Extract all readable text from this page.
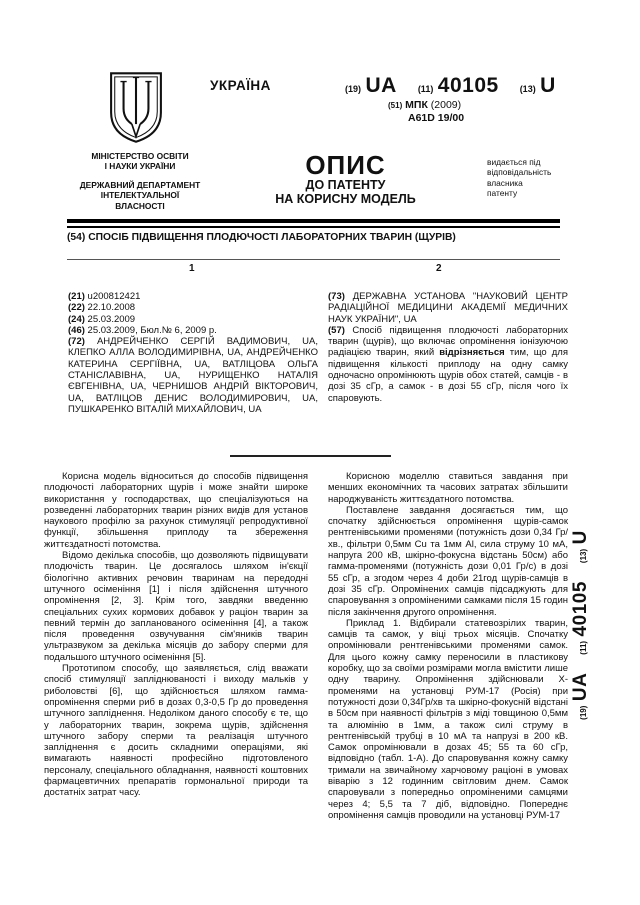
УКРАЇНА
МІНІСТЕРСТВО ОСВІТИ
І НАУКИ УКРАЇНИ
ДЕРЖАВНИЙ ДЕПАРТАМЕНТ
ІНТЕЛЕКТУАЛЬНОЇ
ВЛАСНОСТІ
(19) UA (11) 40105 (13) U
(51) МПК (2009)
A61D 19/00
ОПИС
ДО ПАТЕНТУ
НА КОРИСНУ МОДЕЛЬ
видається під
відповідальність
власника
патенту
(54) СПОСІБ ПІДВИЩЕННЯ ПЛОДЮЧОСТІ ЛАБОРАТОРНИХ ТВАРИН (ЩУРІВ)
1	2
(21) u200812421
(22) 22.10.2008
(24) 25.03.2009
(46) 25.03.2009, Бюл.№ 6, 2009 р.

(72) АНДРЕЙЧЕНКО СЕРГІЙ ВАДИМОВИЧ, UA, КЛЕПКО АЛЛА ВОЛОДИМИРІВНА, UA, АНДРЕЙЧЕНКО КАТЕРИНА СЕРГІЇВНА, UA, ВАТЛІЦОВА ОЛЬГА СТАНІСЛАВІВНА, UA, НУРИЩЕНКО НАТАЛІЯ ЄВГЕНІВНА, UA, ЧЕРНИШОВ АНДРІЙ ВІКТОРОВИЧ, UA, ВАТЛІЦОВ ДЕНИС ВОЛОДИМИРОВИЧ, UA, ПУШКАРЕНКО ВІТАЛІЙ МИХАЙЛОВИЧ, UA

(73) ДЕРЖАВНА УСТАНОВА "НАУКОВИЙ ЦЕНТР РАДІАЦІЙНОЇ МЕДИЦИНИ АКАДЕМІЇ МЕДИЧНИХ НАУК УКРАЇНИ", UA

(57) Спосіб підвищення плодючості лабораторних тварин (щурів), що включає опромінення іонізуючою радіацією тварин, який відрізняється тим, що для підвищення кількості приплоду на одну самку одночасно опромінюють щурів обох статей, самців - в дозі 35 сГр, а самок - в дозі 55 сГр, після чого їх спаровують.

Корисна модель відноситься до способів підвищення плодючості лабораторних щурів і може знайти широке використання у господарствах, що спеціалізуються на розведенні лабораторних тварин різних видів для установ наукового профілю за рахунок стимуляції репродуктивної функції, збільшення приплоду та збереження життєздатності потомства.

Відомо декілька способів, що дозволяють підвищувати плодючість тварин. Це досягалось шляхом ін'єкції біологічно активних речовин тваринам на передодні штучного осіменіння [1] і після здійснення штучного опромінення [2, 3]. Крім того, завдяки введенню спеціальних сухих кормових добавок у раціон тварин за певний термін до запланованого осіменіння [4], а також після проведення озвучування сім'яників тварин ультразвуком за декілька місяців до забору сперми для подальшого штучного осіменіння [5].

Прототипом способу, що заявляється, слід вважати спосіб стимуляції запліднюваності і виходу мальків у риболовстві [6], що здійснюється шляхом гамма-опромінення сперми риб в дозах 0,3-0,5 Гр до проведення штучного запліднення. Недоліком даного способу є те, що у лабораторних тварин, зокрема щурів, здійснення штучного забору сперми та реалізація штучного запліднення є досить складними операціями, які вимагають наявності професійно підготовленого персоналу, спеціального обладнання, наявності коштовних фармацевтичних препаратів гормональної природи та достатніх затрат часу.

Корисною моделлю ставиться завдання при менших економічних та часових затратах збільшити народжуваність життєздатного потомства.

Поставлене завдання досягається тим, що спочатку здійснюється опромінення щурів-самок рентгенівськими променями (потужність дози 0,34 Гр/хв., фільтри 0,5мм Cu та 1мм Al, сила струму 10 мА, напруга 200 кВ, шкірно-фокусна відстань 50см) або гамма-променями (потужність дози 0,01 Гр/с) в дозі 55 сГр, а згодом через 4 доби 21год щурів-самців в дозі 35 сГр. Опромінених самців підсаджують для спаровування з опроміненими самками після 15 годин після закінчення другого опромінення.

Приклад 1. Відбирали статевозрілих тварин, самців та самок, у віці трьох місяців. Спочатку опромінювали рентгенівськими променями самок. Для цього кожну самку переносили в пластикову коробку, що за своїми розмірами могла вмістити лише одну тварину. Опромінення здійснювали Х-променями на установці РУМ-17 (Росія) при потужності дози 0,34Гр/хв та шкірно-фокусній відстані в 50см при наявності фільтрів з міді товщиною 0,5мм та алюмінію в 1мм, а також силі струму в рентгенівській трубці в 10 мА та напрузі в 200 кВ. Самок опромінювали в дозах 45; 55 та 60 сГр, відповідно (табл. 1-А). До спаровування кожну самку тримали на звичайному харчовому раціоні в умовах віварію з 12 годинним світловим днем. Самок спаровували з попередньо опроміненими самцями через 4; 5,5 та 7 діб, відповідно. Попереднє опромінення самців проводили на установці РУМ-17

(19) UA
(11) 40105
(13) U
